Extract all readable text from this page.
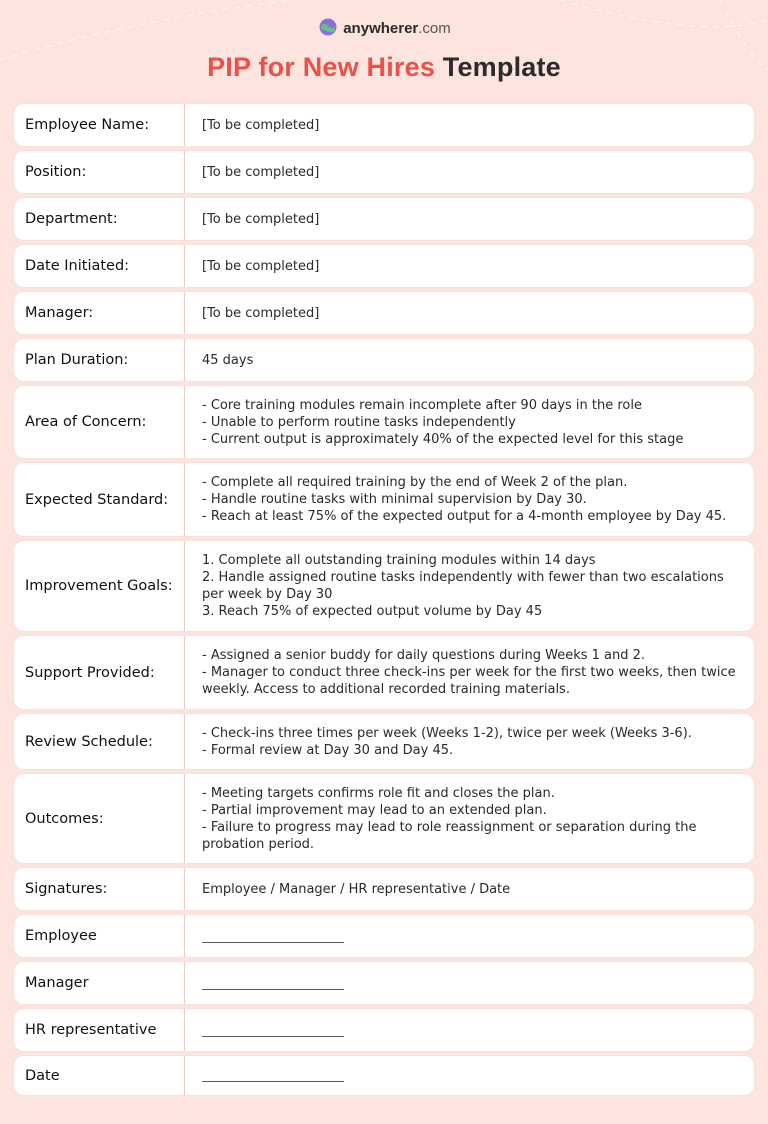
anywherer.com
PIP for New Hires Template
Employee Name:	[To be completed]
Position:	[To be completed]
Department:	[To be completed]
Date Initiated:	[To be completed]
Manager:	[To be completed]
Plan Duration:	45 days
Area of Concern:
- Core training modules remain incomplete after 90 days in the role
- Unable to perform routine tasks independently
- Current output is approximately 40% of the expected level for this stage
Expected Standard:
- Complete all required training by the end of Week 2 of the plan.
- Handle routine tasks with minimal supervision by Day 30.
- Reach at least 75% of the expected output for a 4-month employee by Day 45.
Improvement Goals:
1. Complete all outstanding training modules within 14 days
2. Handle assigned routine tasks independently with fewer than two escalations per week by Day 30
3. Reach 75% of expected output volume by Day 45
Support Provided:
- Assigned a senior buddy for daily questions during Weeks 1 and 2.
- Manager to conduct three check-ins per week for the first two weeks, then twice weekly. Access to additional recorded training materials.
Review Schedule:
- Check-ins three times per week (Weeks 1-2), twice per week (Weeks 3-6).
- Formal review at Day 30 and Day 45.
Outcomes:
- Meeting targets confirms role fit and closes the plan.
- Partial improvement may lead to an extended plan.
- Failure to progress may lead to role reassignment or separation during the probation period.
Signatures:	Employee / Manager / HR representative / Date
Employee
Manager
HR representative
Date
